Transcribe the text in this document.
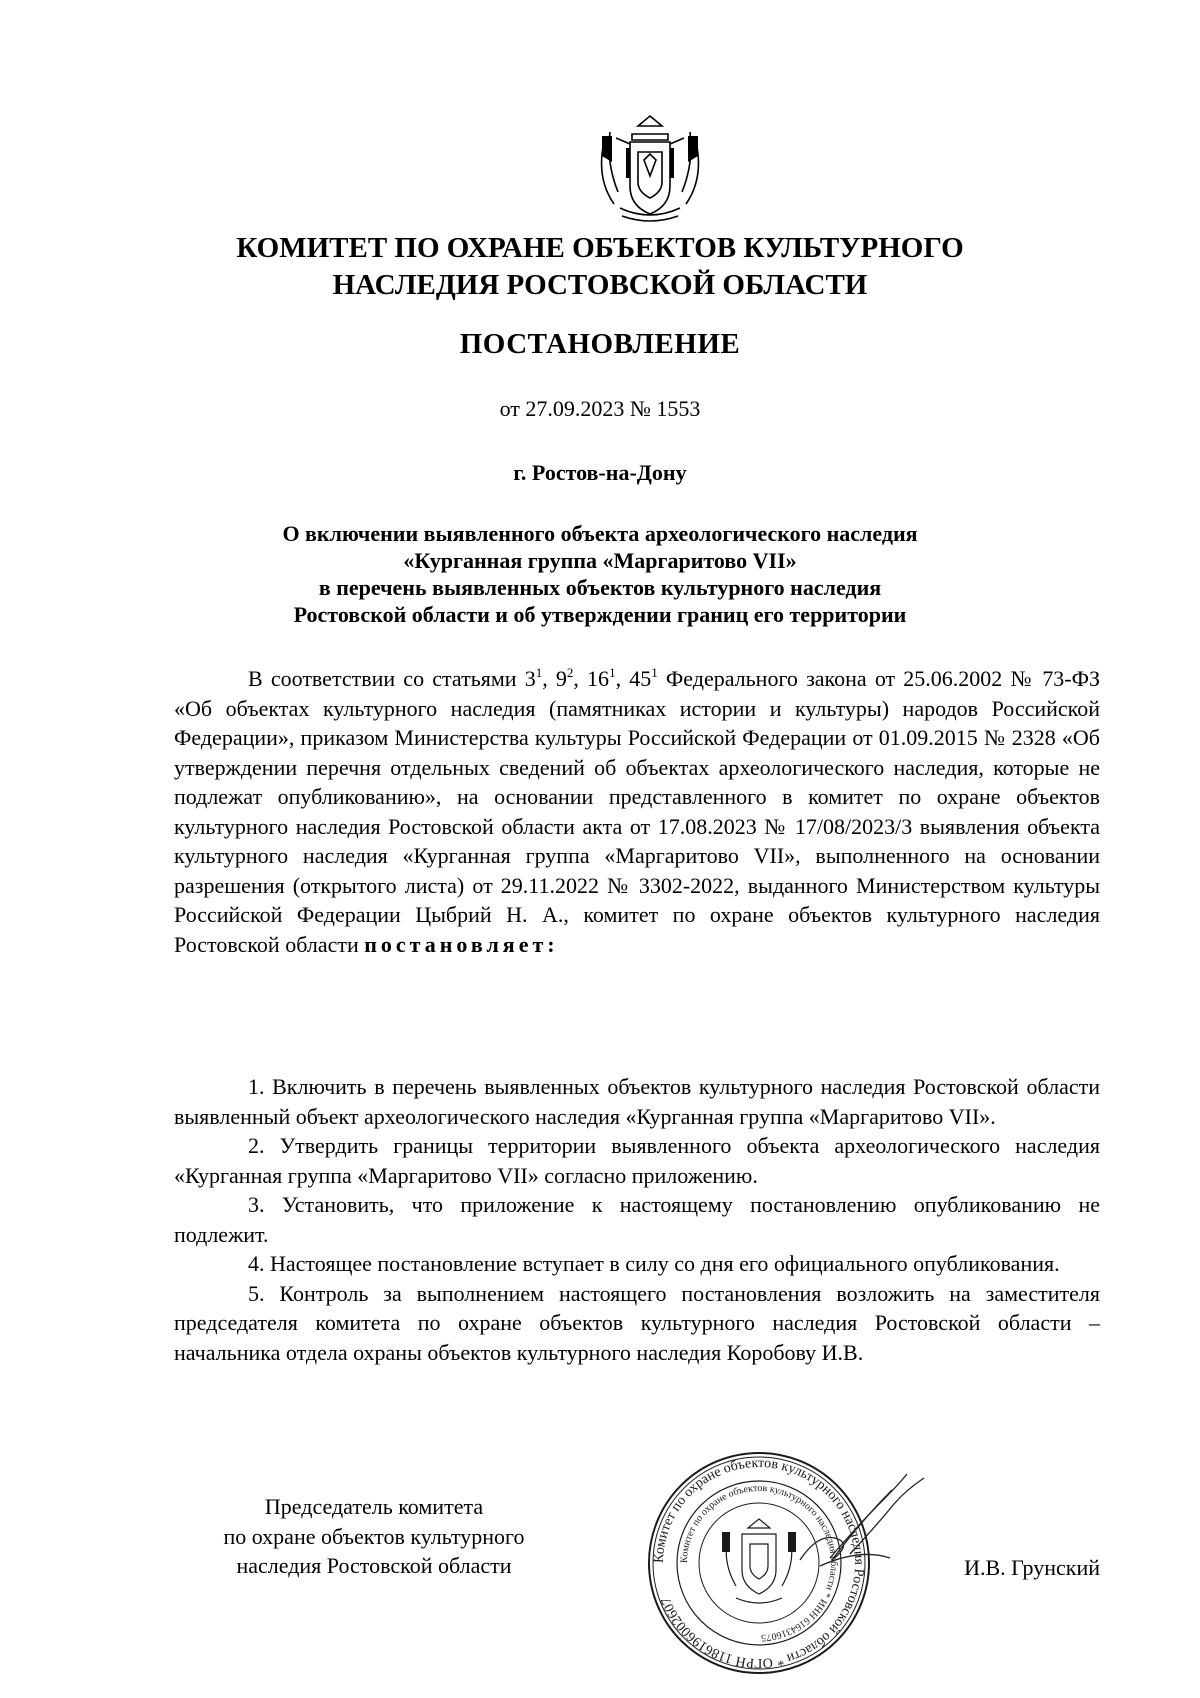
КОМИТЕТ ПО ОХРАНЕ ОБЪЕКТОВ КУЛЬТУРНОГО
НАСЛЕДИЯ РОСТОВСКОЙ ОБЛАСТИ
ПОСТАНОВЛЕНИЕ

от 27.09.2023 № 1553

г. Ростов-на-Дону

О включении выявленного объекта археологического наследия
«Курганная группа «Маргаритово VII»
в перечень выявленных объектов культурного наследия
Ростовской области и об утверждении границ его территории

В соответствии со статьями $3^1$, $9^2$, $16^1$, $45^1$ Федерального закона от 25.06.2002 № 73-ФЗ «Об объектах культурного наследия (памятниках истории и культуры) народов Российской Федерации», приказом Министерства культуры Российской Федерации от 01.09.2015 № 2328 «Об утверждении перечня отдельных сведений об объектах археологического наследия, которые не подлежат опубликованию», на основании представленного в комитет по охране объектов культурного наследия Ростовской области акта от 17.08.2023 № 17/08/2023/3 выявления объекта культурного наследия «Курганная группа «Маргаритово VII», выполненного на основании разрешения (открытого листа) от 29.11.2022 № 3302-2022, выданного Министерством культуры Российской Федерации Цыбрий Н. А., комитет по охране объектов культурного наследия Ростовской области постановляет:

1. Включить в перечень выявленных объектов культурного наследия Ростовской области выявленный объект археологического наследия «Курганная группа «Маргаритово VII».

2. Утвердить границы территории выявленного объекта археологического наследия «Курганная группа «Маргаритово VII» согласно приложению.

3. Установить, что приложение к настоящему постановлению опубликованию не подлежит.

4. Настоящее постановление вступает в силу со дня его официального опубликования.

5. Контроль за выполнением настоящего постановления возложить на заместителя председателя комитета по охране объектов культурного наследия Ростовской области – начальника отдела охраны объектов культурного наследия Коробову И.В.

Председатель комитета
по охране объектов культурного
наследия Ростовской области	Комитет по охране объектов культурного наследия Ростовской области * ОГРН 1186196002607
Комитет по охране объектов культурного наследия области * ИНН 6164316075

И.В. Грунский
